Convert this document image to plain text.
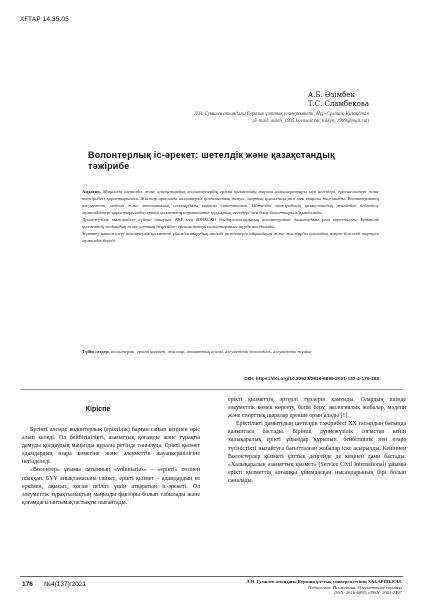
ХҒТАР 14.35.05
А.Б. Әзімбек
Т.С. Сламбекова
Л.Н. Гумилев атындағы Еуразия ұлттық университеті, Нұр-Сұлтан, Қазақстан
(E-mail: aidan_1995.kovnsail.rul, tolkyn_1969@mail.rul)
Волонтерлық іс-әрекет: шетелдік және қазақстандық тәжірибе
Аңдатпа. Мақалада шетелдік және қазақстандық волонтерлердің ерікті қызметінің тарихи алғышарттары мен негіздері, ерекшеліктері және тәжірибесі қарастырылған. Жастар арасында волонтерлік қозғалыстың дамуы, олардың қоғамдағы рөлі мен маңызы талданады. Волонтерліктің әлеуметтік, мәдени және экономикалық салалардағы ықпалы сипатталған. Шетелдік тәжірибенің қазақстандық жағдайға бейімделу мүмкіндіктері қарастырылады, ерікті қызметтің нормативтік-құқықтық негіздері мен даму бағыттары айқындалады.
Дүниежүзілік тәжірибеге сүйене отырып, БҰҰ мен ЮНЕСКО бағдарламаларының волонтерлікті дамытудағы рөлі көрсетілген. Еріктілік қызметтің жаһандық және ұлттық деңгейдегі ерекшеліктері салыстырмалы түрде талданады.
Зерттеу нәтижелері волонтерлік қызметті ұйымдастырудың тиімді тетіктерін айқындауға және жастарды қоғамдық өмірге белсенді тартуға мүмкіндік береді.
Түйін сөздер: волонтерлік, ерікті қызмет, жастар, азаматтық қоғам, әлеуметтік белсенділік, әлеуметтік жұмыс
DOI: https://doi.org/10.32523/2616-6895-2021-137-4-176-183
Кіріспе

Бүгінгі әлемде волонтерлық (еріктілік) барған сайын кеңінен өріс алып келеді. Ол бейбітшілікті, азаматтық қоғамды және тұрақты дамуды қолдаудың маңызды құралы ретінде танылуда. Ерікті қызмет адамдардың өзара көмегіне және әлеуметтік жауапкершілігіне негізделеді.

«Волонтер» ұғымы латынның «voluntarius» – «ерікті» сөзінен шыққан. БҰҰ анықтамасына сәйкес, ерікті қызмет – адамдардың өз еркімен, ақысыз, қоғам игілігі үшін атқаратын іс-әрекеті. Ол әлеуметтік тұрақтылықтың маңызды факторы болып табылады және қоғамдағы ынтымақтастықты нығайтады.

ерікті қызметтің әртүрлі түрлерін қамтиды. Олардың ішінде әлеуметтік көмек көрсету, білім беру, экологиялық жобалар, мәдени және спорттық шаралар ерекше орын алады [1].

Еріктілікті дамытудың шетелдік тәжірибесі ХХ ғасырдың басында қалыптаса бастады. Бірінші дүниежүзілік соғыстан кейін халықаралық ерікті ұйымдар құрылып, бейбітшілік пен өзара түсіністікті нығайтуға бағытталған жобалар іске асырылды. Кейіннен Волонтерлер қызметі ұлттық деңгейде де кеңінен дами бастады. «Халықаралық азаматтық қызмет» (Service Civil International) ұйымы ерікті қызметтің алғашқы ұйымдасқан нысандарының бірі болып саналады.

176 №4(137)/2021	Л.Н. Гумилев атындағы Еуразия ұлттық университетінің ХАБАРШЫСЫ.
Педагогика. Психология. Әлеуметтану сериясы
ISSN: 2616-6895, eISSN: 2663-2497
